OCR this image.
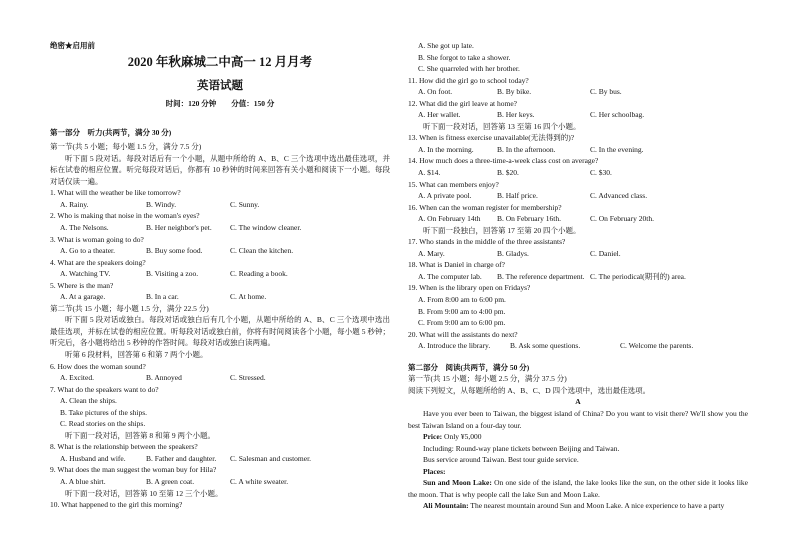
绝密★启用前
2020 年秋麻城二中高一 12 月月考
英语试题
时间：120 分钟　　分值：150 分
第一部分　听力(共两节，满分 30 分)
第一节(共 5 小题；每小题 1.5 分，满分 7.5 分)
听下面 5 段对话。每段对话后有一个小题，从题中所给的 A、B、C 三个选项中选出最佳选项，并标在试卷的相应位置。听完每段对话后，你都有 10 秒钟的时间来回答有关小题和阅读下一小题。每段对话仅读一遍。
1. What will the weather be like tomorrow?
A. Rainy.	B. Windy.	C. Sunny.
2. Who is making that noise in the woman's eyes?
A. The Nelsons.	B. Her neighbor's pet. C. The window cleaner.
3. What is woman going to do?
A. Go to a theater.	B. Buy some food.	C. Clean the kitchen.
4. What are the speakers doing?
A. Watching TV.	B. Visiting a zoo.	C. Reading a book.
5. Where is the man?
A. At a garage.	B. In a car.	C. At home.
第二节(共 15 小题；每小题 1.5 分，满分 22.5 分)
听下面 5 段对话或独白。每段对话或独白后有几个小题，从题中所给的 A、B、C 三个选项中选出最佳选项，并标在试卷的相应位置。听每段对话或独白前，你将有时间阅读各个小题，每小题 5 秒钟；听完后，各小题将给出 5 秒钟的作答时间。每段对话或独白读两遍。
听第 6 段材料，回答第 6 和第 7 两个小题。
6. How does the woman sound?
A. Excited.	B. Annoyed	C. Stressed.
7. What do the speakers want to do?
A. Clean the ships.
B. Take pictures of the ships.
C. Read stories on the ships.
听下面一段对话，回答第 8 和第 9 两个小题。
8. What is the relationship between the speakers?
A. Husband and wife.	B. Father and daughter. C. Salesman and customer.
9. What does the man suggest the woman buy for Hila?
A. A blue shirt.	B. A green coat.	C. A white sweater.
听下面一段对话，回答第 10 至第 12 三个小题。
10. What happened to the girl this morning?
A. She got up late.
B. She forgot to take a shower.
C. She quarreled with her brother.
11. How did the girl go to school today?
A. On foot.	B. By bike.	C. By bus.
12. What did the girl leave at home?
A. Her wallet.	B. Her keys.	C. Her schoolbag.
听下面一段对话，回答第 13 至第 16 四个小题。
13. When is fitness exercise unavailable(无法得到的)?
A. In the morning.	B. In the afternoon.	C. In the evening.
14. How much does a three-time-a-week class cost on average?
A. $14.	B. $20.	C. $30.
15. What can members enjoy?
A. A private pool.	B. Half price.	C. Advanced class.
16. When can the woman register for membership?
A. On February 14th B. On February 16th.	C. On February 20th.
听下面一段独白，回答第 17 至第 20 四个小题。
17. Who stands in the middle of the three assistants?
A. Mary.	B. Gladys.	C. Daniel.
18. What is Daniel in charge of?
A. The computer lab. B. The reference department. C. The periodical(期刊的) area.
19. When is the library open on Fridays?
A. From 8:00 am to 6:00 pm.
B. From 9:00 am to 4:00 pm.
C. From 9:00 am to 6:00 pm.
20. What will the assistants do next?
A. Introduce the library.	B. Ask some questions.	C. Welcome the parents.
第二部分　阅读(共两节，满分 50 分)
第一节(共 15 小题；每小题 2.5 分，满分 37.5 分)
阅读下列短文，从每题所给的 A、B、C、D 四个选项中，选出最佳选项。
A
Have you ever been to Taiwan, the biggest island of China? Do you want to visit there? We'll show you the best Taiwan Island on a four-day tour.
Price: Only ¥5,000
Including: Round-way plane tickets between Beijing and Taiwan.
Bus service around Taiwan. Best tour guide service.
Places:
Sun and Moon Lake: On one side of the island, the lake looks like the sun, on the other side it looks like the moon. That is why people call the lake Sun and Moon Lake.
Ali Mountain: The nearest mountain around Sun and Moon Lake. A nice experience to have a party
